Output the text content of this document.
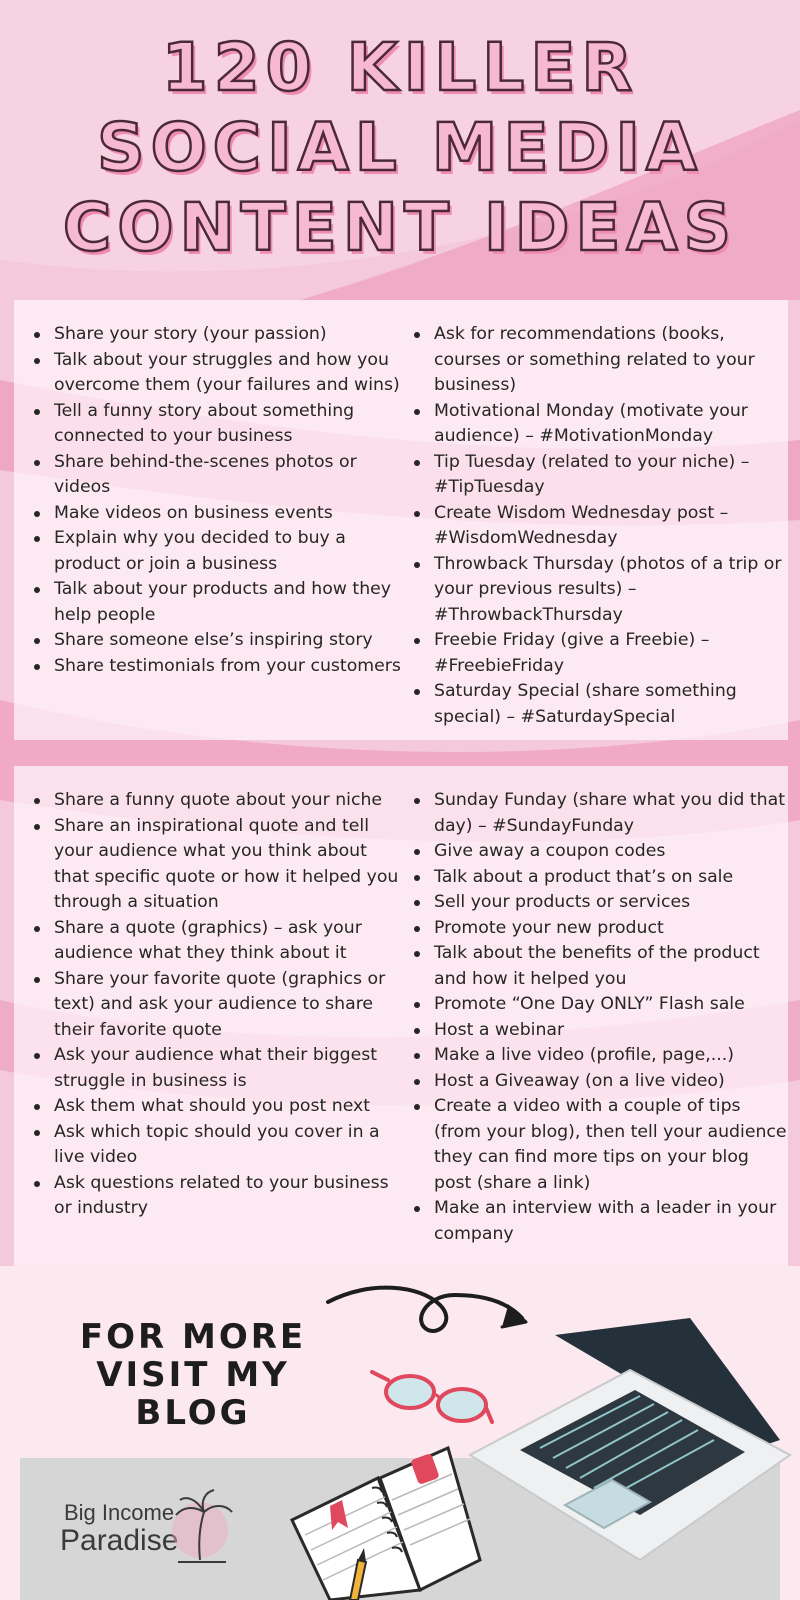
120 KILLER
SOCIAL MEDIA
CONTENT IDEAS
Share your story (your passion)
Talk about your struggles and how you overcome them (your failures and wins)
Tell a funny story about something connected to your business
Share behind-the-scenes photos or videos
Make videos on business events
Explain why you decided to buy a product or join a business
Talk about your products and how they help people
Share someone else’s inspiring story
Share testimonials from your customers
Ask for recommendations (books, courses or something related to your business)
Motivational Monday (motivate your audience) – #MotivationMonday
Tip Tuesday (related to your niche) – #TipTuesday
Create Wisdom Wednesday post – #WisdomWednesday
Throwback Thursday (photos of a trip or your previous results) – #ThrowbackThursday
Freebie Friday (give a Freebie) – #FreebieFriday
Saturday Special (share something special) – #SaturdaySpecial
Share a funny quote about your niche
Share an inspirational quote and tell your audience what you think about that specific quote or how it helped you through a situation
Share a quote (graphics) – ask your audience what they think about it
Share your favorite quote (graphics or text) and ask your audience to share their favorite quote
Ask your audience what their biggest struggle in business is
Ask them what should you post next
Ask which topic should you cover in a live video
Ask questions related to your business or industry
Sunday Funday (share what you did that day) – #SundayFunday
Give away a coupon codes
Talk about a product that’s on sale
Sell your products or services
Promote your new product
Talk about the benefits of the product and how it helped you
Promote “One Day ONLY” Flash sale
Host a webinar
Make a live video (profile, page,...)
Host a Giveaway (on a live video)
Create a video with a couple of tips (from your blog), then tell your audience they can find more tips on your blog post (share a link)
Make an interview with a leader in your company
FOR MORE
VISIT MY
BLOG
Big Income
Paradise
